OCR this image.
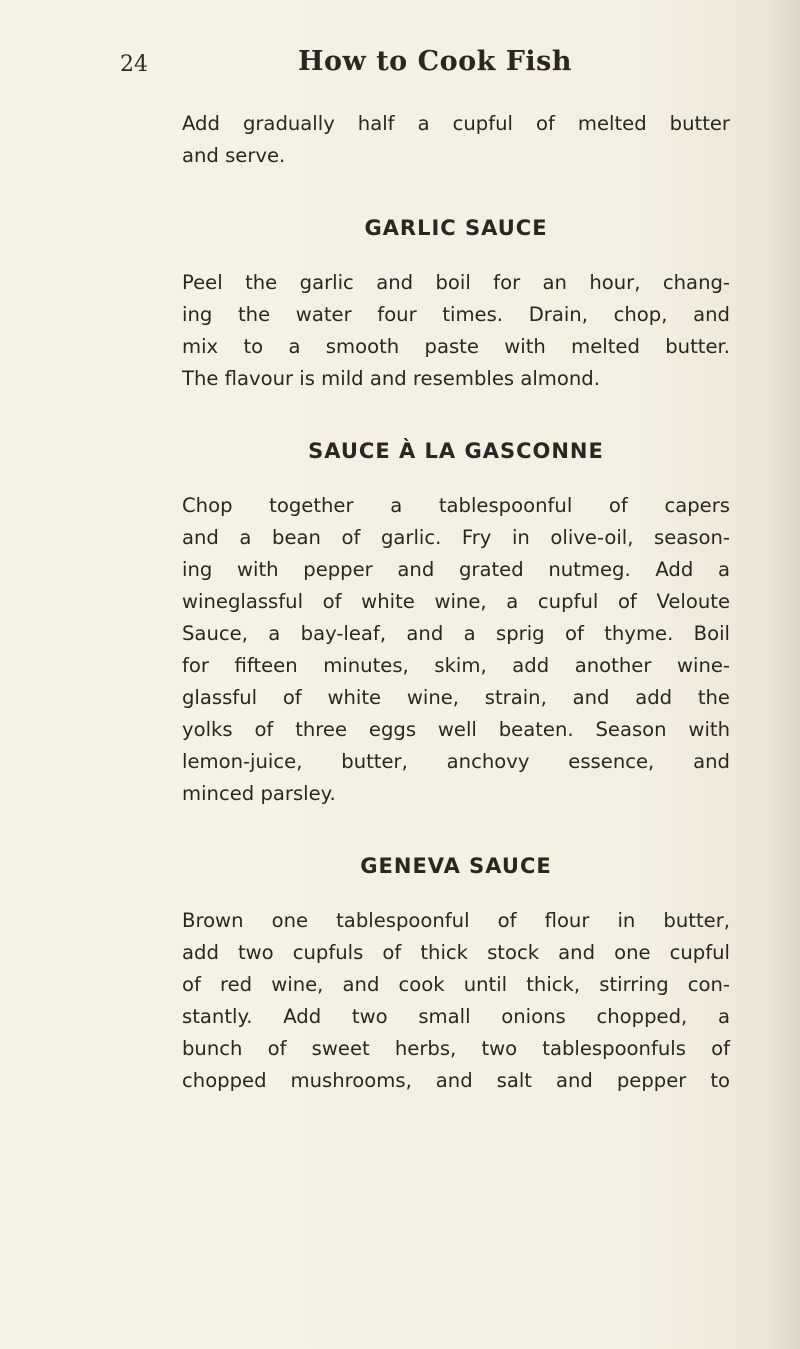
24	How to Cook Fish

Add gradually half a cupful of melted butter
and serve.

GARLIC SAUCE

Peel the garlic and boil for an hour, chang-
ing the water four times. Drain, chop, and
mix to a smooth paste with melted butter.
The flavour is mild and resembles almond.

SAUCE À LA GASCONNE

Chop together a tablespoonful of capers
and a bean of garlic. Fry in olive-oil, season-
ing with pepper and grated nutmeg. Add a
wineglassful of white wine, a cupful of Veloute
Sauce, a bay-leaf, and a sprig of thyme. Boil
for fifteen minutes, skim, add another wine-
glassful of white wine, strain, and add the
yolks of three eggs well beaten. Season with
lemon-juice, butter, anchovy essence, and
minced parsley.

GENEVA SAUCE

Brown one tablespoonful of flour in butter,
add two cupfuls of thick stock and one cupful
of red wine, and cook until thick, stirring con-
stantly. Add two small onions chopped, a
bunch of sweet herbs, two tablespoonfuls of
chopped mushrooms, and salt and pepper to
